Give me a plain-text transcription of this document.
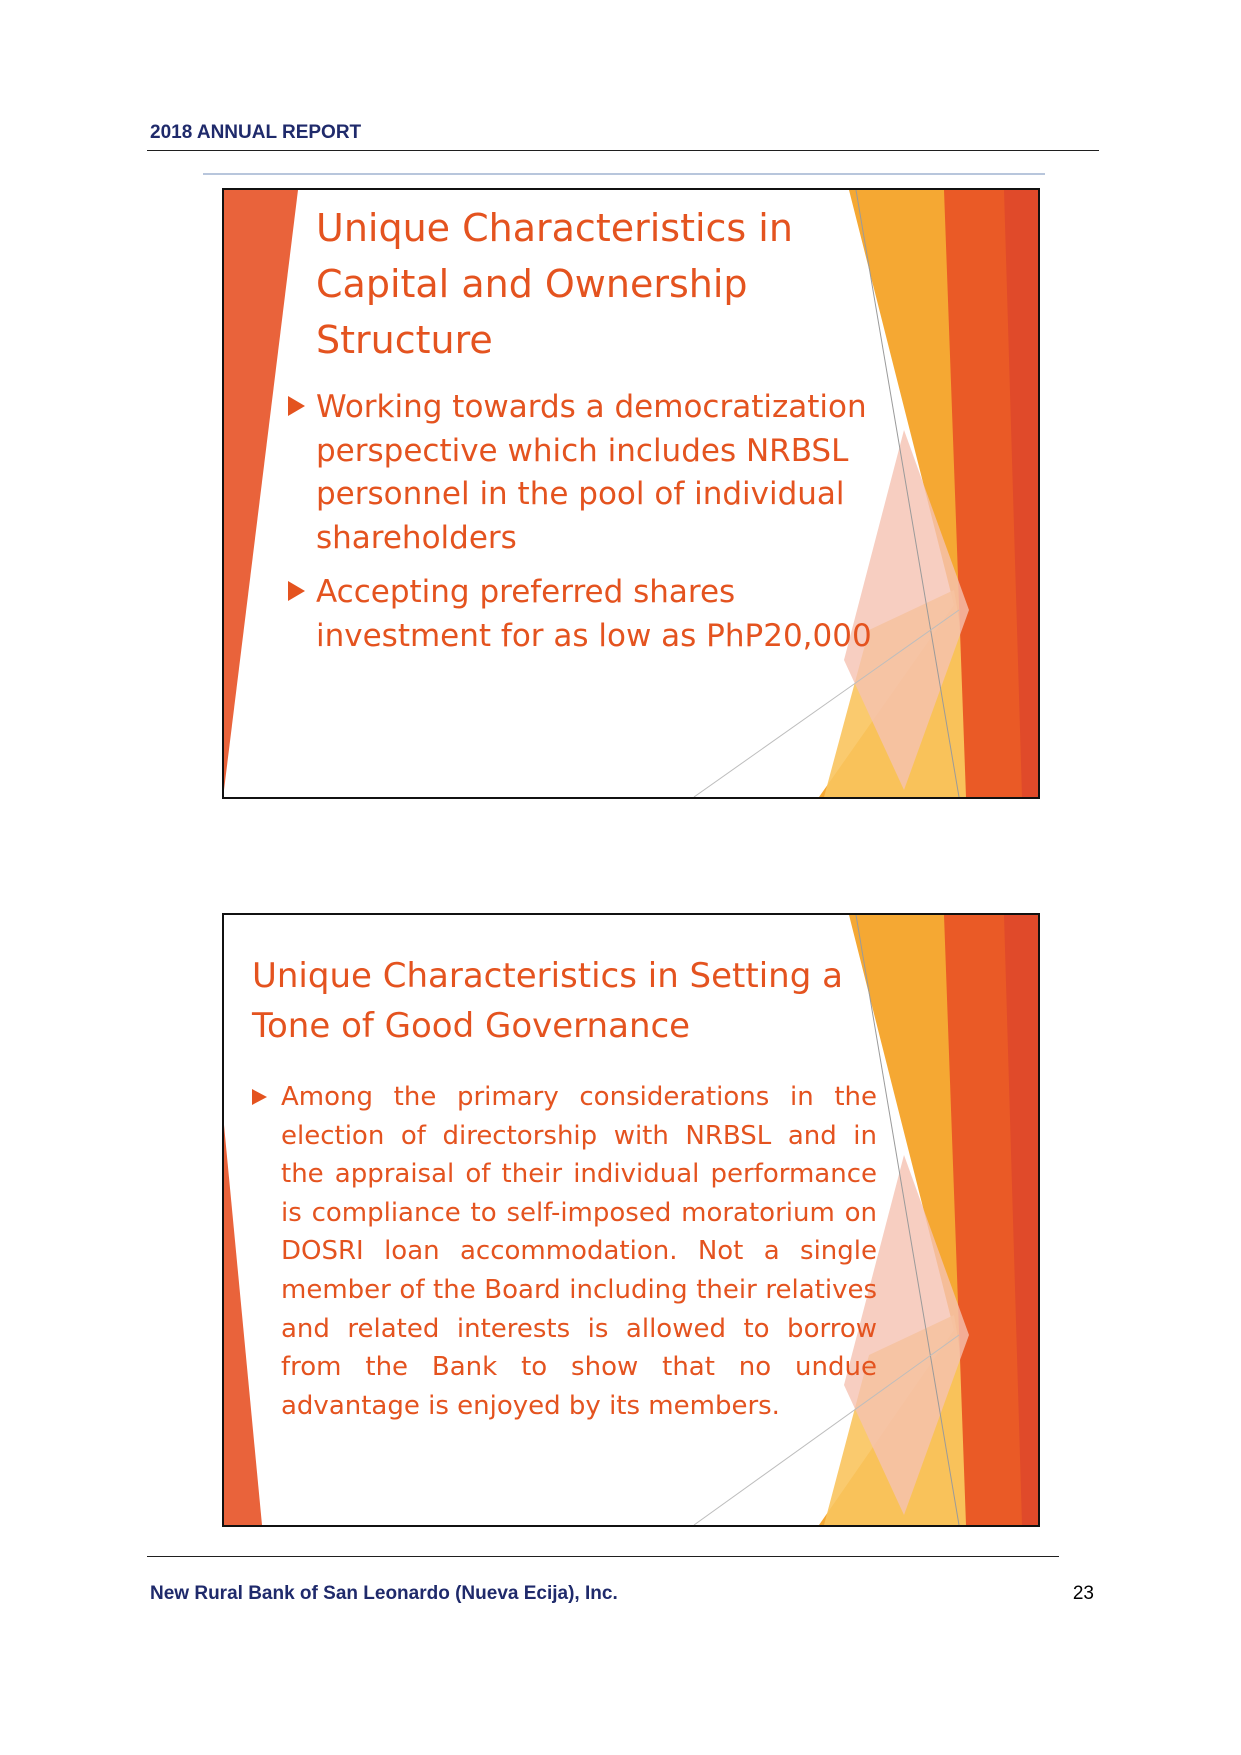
2018 ANNUAL REPORT
Unique Characteristics in Capital and Ownership Structure
Working towards a democratization perspective which includes NRBSL personnel in the pool of individual shareholders
Accepting preferred shares investment for as low as PhP20,000
Unique Characteristics in Setting a Tone of Good Governance
Among the primary considerations in the election of directorship with NRBSL and in the appraisal of their individual performance is compliance to self-imposed moratorium on DOSRI loan accommodation. Not a single member of the Board including their relatives and related interests is allowed to borrow from the Bank to show that no undue advantage is enjoyed by its members.
New Rural Bank of San Leonardo (Nueva Ecija), Inc.	23
